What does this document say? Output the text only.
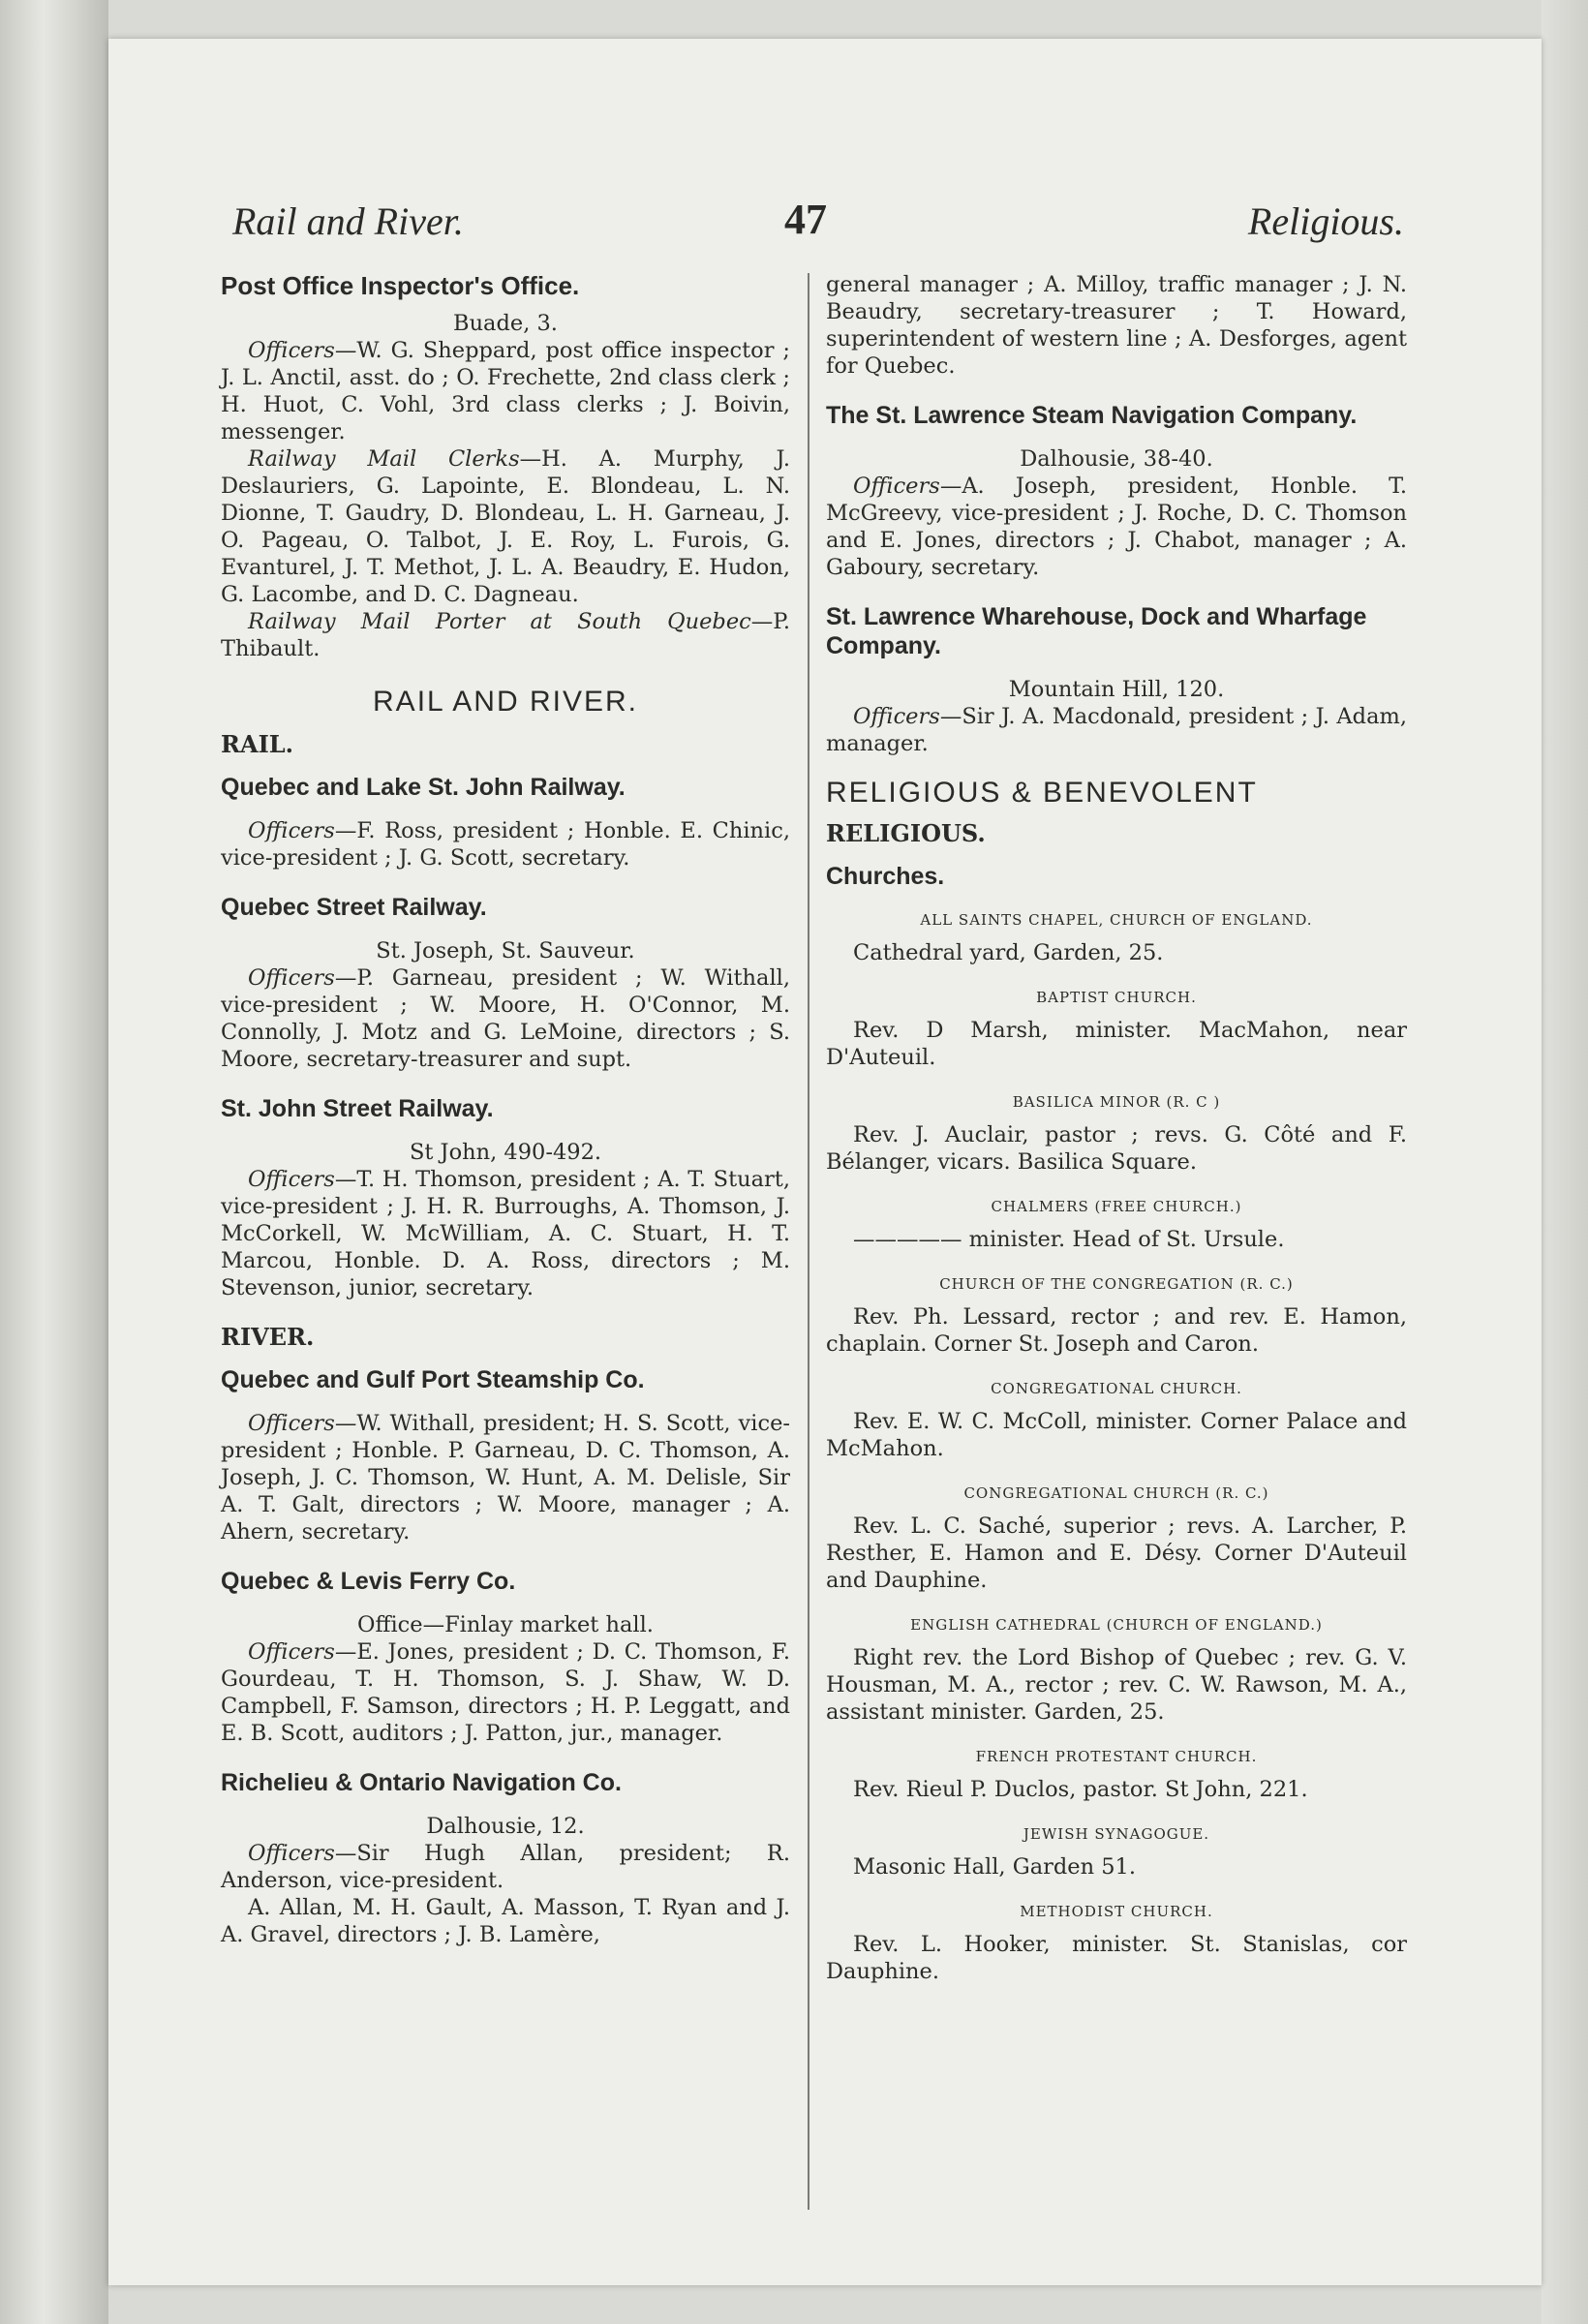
Rail and River.	47	Religious.
Post Office Inspector's Office.
Buade, 3.

Officers—W. G. Sheppard, post office inspector ; J. L. Anctil, asst. do ; O. Frechette, 2nd class clerk ; H. Huot, C. Vohl, 3rd class clerks ; J. Boivin, messenger.

Railway Mail Clerks—H. A. Murphy, J. Deslauriers, G. Lapointe, E. Blondeau, L. N. Dionne, T. Gaudry, D. Blondeau, L. H. Garneau, J. O. Pageau, O. Talbot, J. E. Roy, L. Furois, G. Evanturel, J. T. Methot, J. L. A. Beaudry, E. Hudon, G. Lacombe, and D. C. Dagneau.

Railway Mail Porter at South Quebec—P. Thibault.

RAIL AND RIVER.
RAIL.
Quebec and Lake St. John Railway.

Officers—F. Ross, president ; Honble. E. Chinic, vice-president ; J. G. Scott, secretary.

Quebec Street Railway.
St. Joseph, St. Sauveur.

Officers—P. Garneau, president ; W. Withall, vice-president ; W. Moore, H. O'Connor, M. Connolly, J. Motz and G. LeMoine, directors ; S. Moore, secretary-treasurer and supt.

St. John Street Railway.
St John, 490-492.

Officers—T. H. Thomson, president ; A. T. Stuart, vice-president ; J. H. R. Burroughs, A. Thomson, J. McCorkell, W. McWilliam, A. C. Stuart, H. T. Marcou, Honble. D. A. Ross, directors ; M. Stevenson, junior, secretary.

RIVER.
Quebec and Gulf Port Steamship Co.

Officers—W. Withall, president; H. S. Scott, vice-president ; Honble. P. Garneau, D. C. Thomson, A. Joseph, J. C. Thomson, W. Hunt, A. M. Delisle, Sir A. T. Galt, directors ; W. Moore, manager ; A. Ahern, secretary.

Quebec & Levis Ferry Co.
Office—Finlay market hall.

Officers—E. Jones, president ; D. C. Thomson, F. Gourdeau, T. H. Thomson, S. J. Shaw, W. D. Campbell, F. Samson, directors ; H. P. Leggatt, and E. B. Scott, auditors ; J. Patton, jur., manager.

Richelieu & Ontario Navigation Co.
Dalhousie, 12.

Officers—Sir Hugh Allan, president; R. Anderson, vice-president.

A. Allan, M. H. Gault, A. Masson, T. Ryan and J. A. Gravel, directors ; J. B. Lamère,

general manager ; A. Milloy, traffic manager ; J. N. Beaudry, secretary-treasurer ; T. Howard, superintendent of western line ; A. Desforges, agent for Quebec.

The St. Lawrence Steam Navigation Company.
Dalhousie, 38-40.

Officers—A. Joseph, president, Honble. T. McGreevy, vice-president ; J. Roche, D. C. Thomson and E. Jones, directors ; J. Chabot, manager ; A. Gaboury, secretary.

St. Lawrence Wharehouse, Dock and Wharfage Company.
Mountain Hill, 120.

Officers—Sir J. A. Macdonald, president ; J. Adam, manager.

RELIGIOUS & BENEVOLENT
RELIGIOUS.
Churches.
ALL SAINTS CHAPEL, CHURCH OF ENGLAND.

Cathedral yard, Garden, 25.

BAPTIST CHURCH.

Rev. D Marsh, minister. MacMahon, near D'Auteuil.

BASILICA MINOR (R. C )

Rev. J. Auclair, pastor ; revs. G. Côté and F. Bélanger, vicars. Basilica Square.

CHALMERS (FREE CHURCH.)

————— minister. Head of St. Ursule.

CHURCH OF THE CONGREGATION (R. C.)

Rev. Ph. Lessard, rector ; and rev. E. Hamon, chaplain. Corner St. Joseph and Caron.

CONGREGATIONAL CHURCH.

Rev. E. W. C. McColl, minister. Corner Palace and McMahon.

CONGREGATIONAL CHURCH (R. C.)

Rev. L. C. Saché, superior ; revs. A. Larcher, P. Resther, E. Hamon and E. Désy. Corner D'Auteuil and Dauphine.

ENGLISH CATHEDRAL (CHURCH OF ENGLAND.)

Right rev. the Lord Bishop of Quebec ; rev. G. V. Housman, M. A., rector ; rev. C. W. Rawson, M. A., assistant minister. Garden, 25.

FRENCH PROTESTANT CHURCH.

Rev. Rieul P. Duclos, pastor. St John, 221.

JEWISH SYNAGOGUE.

Masonic Hall, Garden 51.

METHODIST CHURCH.

Rev. L. Hooker, minister. St. Stanislas, cor Dauphine.
